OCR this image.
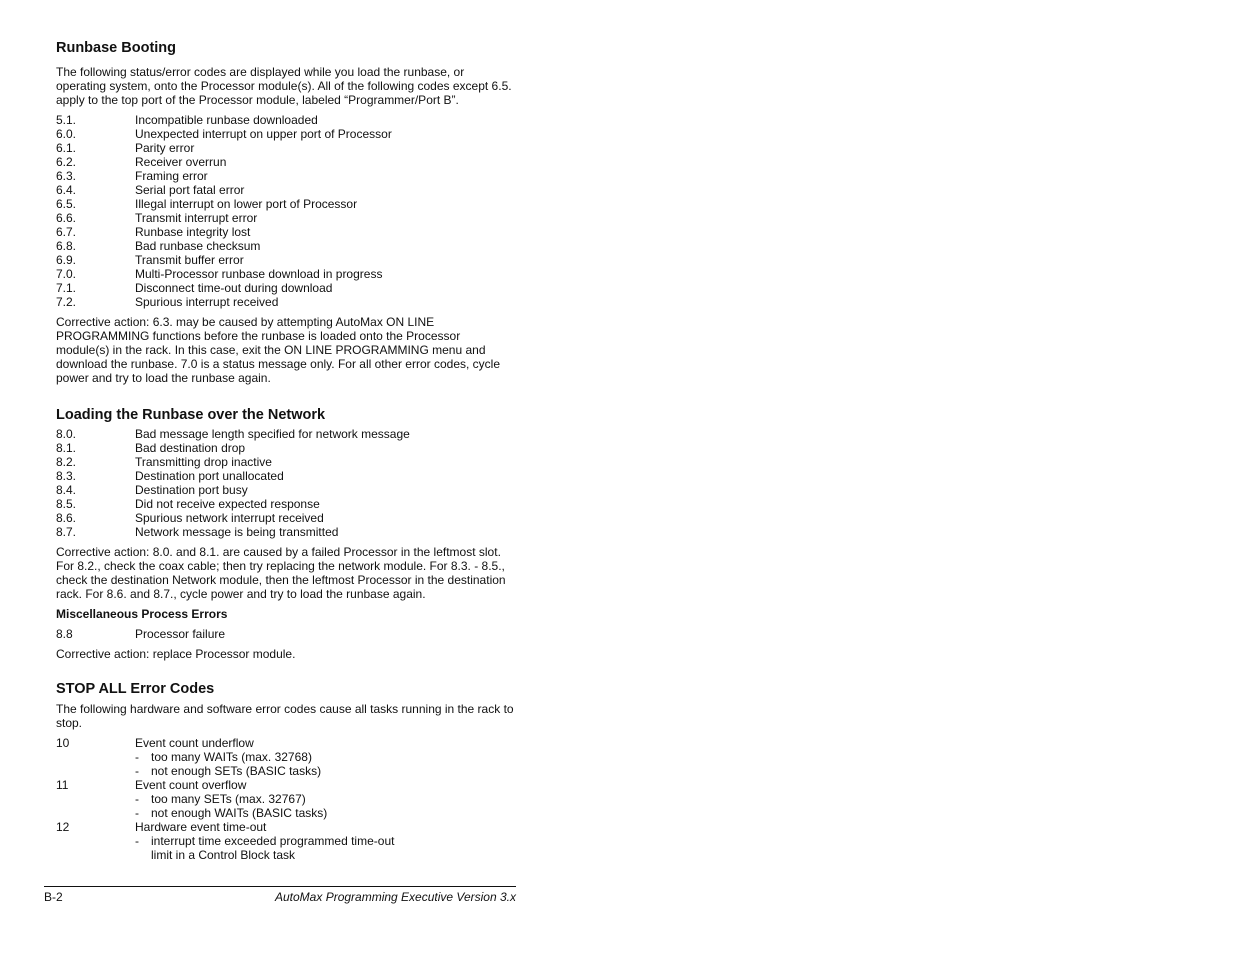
Runbase Booting

The following status/error codes are displayed while you load the runbase, or operating system, onto the Processor module(s). All of the following codes except 6.5. apply to the top port of the Processor module, labeled “Programmer/Port B”.

5.1.	Incompatible runbase downloaded
6.0.	Unexpected interrupt on upper port of Processor
6.1.	Parity error
6.2.	Receiver overrun
6.3.	Framing error
6.4.	Serial port fatal error
6.5.	Illegal interrupt on lower port of Processor
6.6.	Transmit interrupt error
6.7.	Runbase integrity lost
6.8.	Bad runbase checksum
6.9.	Transmit buffer error
7.0.	Multi-Processor runbase download in progress
7.1.	Disconnect time-out during download
7.2.	Spurious interrupt received

Corrective action: 6.3. may be caused by attempting AutoMax ON LINE PROGRAMMING functions before the runbase is loaded onto the Processor module(s) in the rack. In this case, exit the ON LINE PROGRAMMING menu and download the runbase. 7.0 is a status message only. For all other error codes, cycle power and try to load the runbase again.

Loading the Runbase over the Network
8.0.	Bad message length specified for network message
8.1.	Bad destination drop
8.2.	Transmitting drop inactive
8.3.	Destination port unallocated
8.4.	Destination port busy
8.5.	Did not receive expected response
8.6.	Spurious network interrupt received
8.7.	Network message is being transmitted

Corrective action: 8.0. and 8.1. are caused by a failed Processor in the leftmost slot. For 8.2., check the coax cable; then try replacing the network module. For 8.3. - 8.5., check the destination Network module, then the leftmost Processor in the destination rack. For 8.6. and 8.7., cycle power and try to load the runbase again.

Miscellaneous Process Errors
8.8	Processor failure

Corrective action: replace Processor module.

STOP ALL Error Codes

The following hardware and software error codes cause all tasks running in the rack to stop.

10	Event count underflow
-	too many WAITs (max. 32768)
-	not enough SETs (BASIC tasks)
11	Event count overflow
-	too many SETs (max. 32767)
-	not enough WAITs (BASIC tasks)
12	Hardware event time-out
-	interrupt time exceeded programmed time-out
limit in a Control Block task
B-2	AutoMax Programming Executive Version 3.x
